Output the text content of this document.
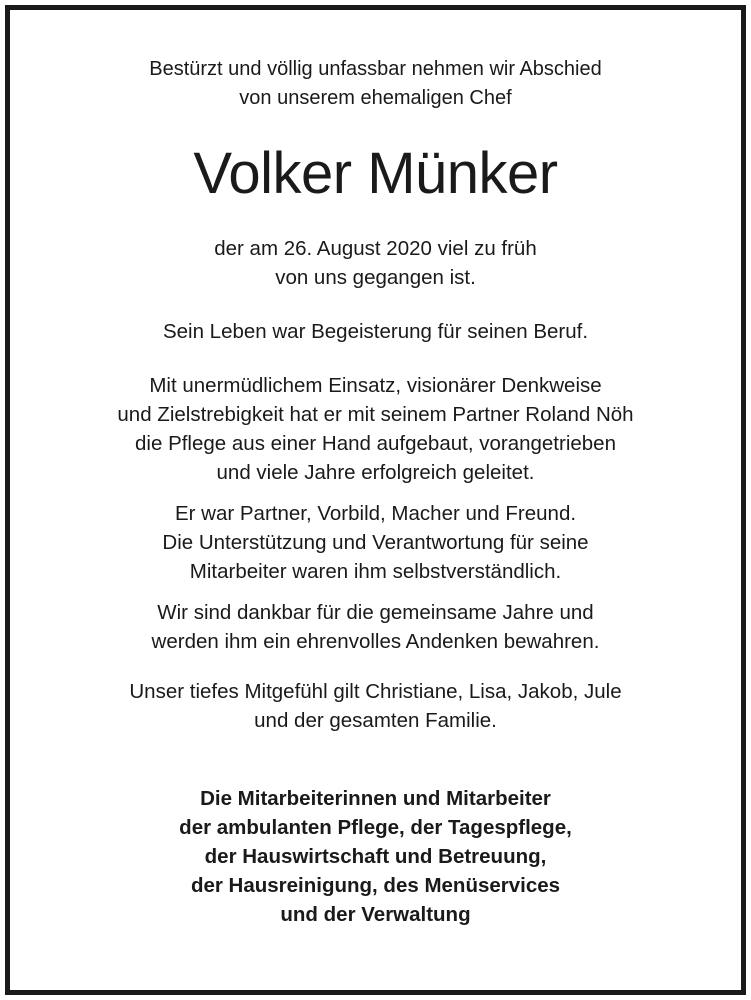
Bestürzt und völlig unfassbar nehmen wir Abschied
von unserem ehemaligen Chef
Volker Münker
der am 26. August 2020 viel zu früh
von uns gegangen ist.
Sein Leben war Begeisterung für seinen Beruf.
Mit unermüdlichem Einsatz, visionärer Denkweise
und Zielstrebigkeit hat er mit seinem Partner Roland Nöh
die Pflege aus einer Hand aufgebaut, vorangetrieben
und viele Jahre erfolgreich geleitet.
Er war Partner, Vorbild, Macher und Freund.
Die Unterstützung und Verantwortung für seine
Mitarbeiter waren ihm selbstverständlich.
Wir sind dankbar für die gemeinsame Jahre und
werden ihm ein ehrenvolles Andenken bewahren.
Unser tiefes Mitgefühl gilt Christiane, Lisa, Jakob, Jule
und der gesamten Familie.
Die Mitarbeiterinnen und Mitarbeiter
der ambulanten Pflege, der Tagespflege,
der Hauswirtschaft und Betreuung,
der Hausreinigung, des Menüservices
und der Verwaltung
